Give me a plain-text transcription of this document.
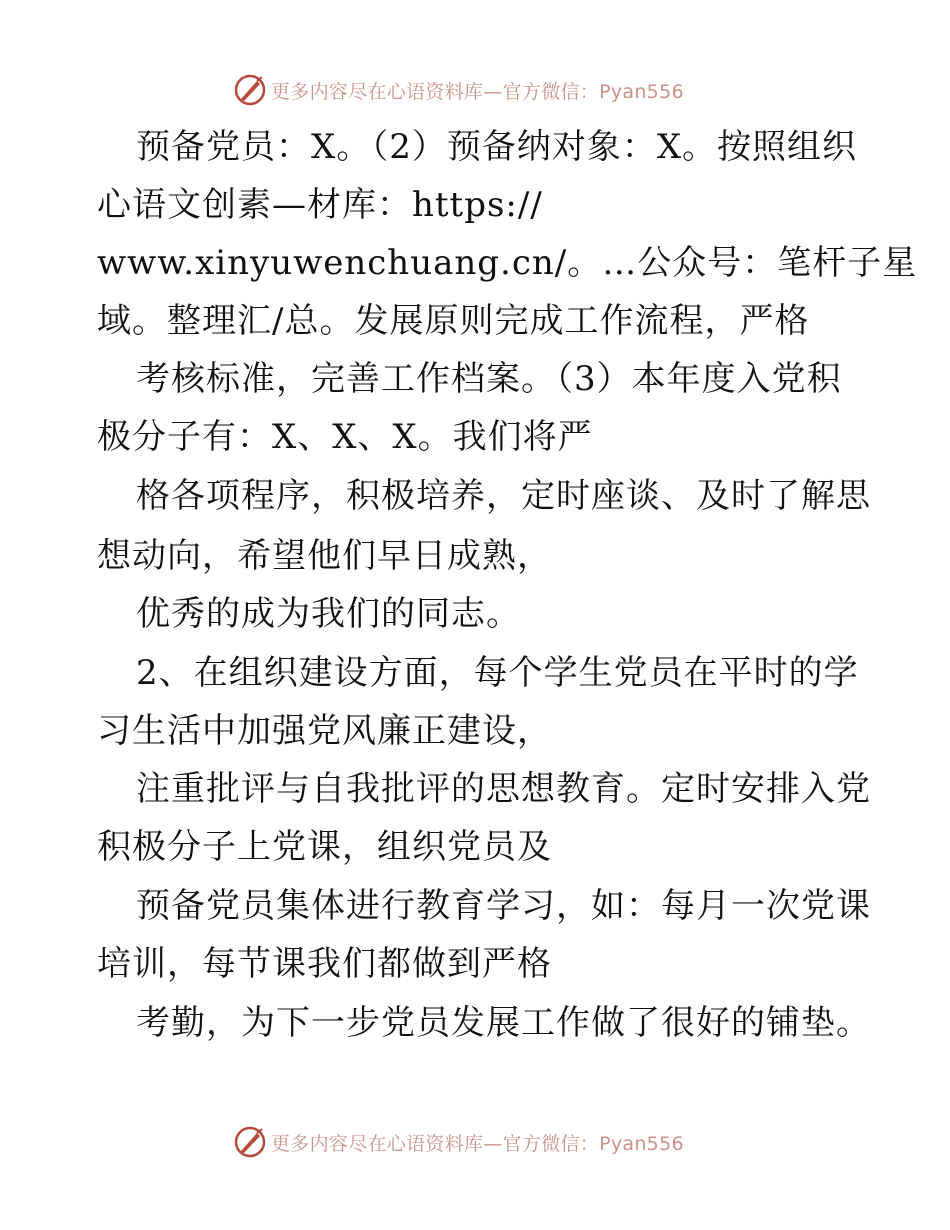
更多内容尽在心语资料库—官方微信：Pyan556
预备党员：X。（2）预备纳对象：X。按照组织
心语文创素—材库：https://
www.xinyuwenchuang.cn/。…公众号：笔杆子星
域。整理汇/总。发展原则完成工作流程，严格
考核标准，完善工作档案。（3）本年度入党积
极分子有：X、X、X。我们将严
格各项程序，积极培养，定时座谈、及时了解思
想动向，希望他们早日成熟，
优秀的成为我们的同志。
2、在组织建设方面，每个学生党员在平时的学
习生活中加强党风廉正建设，
注重批评与自我批评的思想教育。定时安排入党
积极分子上党课，组织党员及
预备党员集体进行教育学习，如：每月一次党课
培训，每节课我们都做到严格
考勤，为下一步党员发展工作做了很好的铺垫。
更多内容尽在心语资料库—官方微信：Pyan556
